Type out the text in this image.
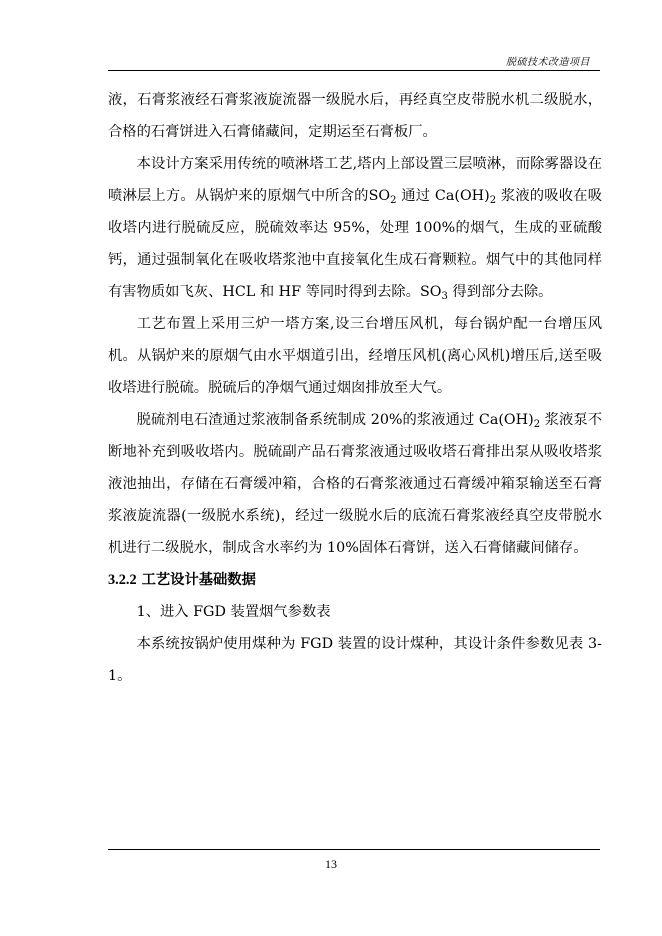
脱硫技术改造项目

液，石膏浆液经石膏浆液旋流器一级脱水后，再经真空皮带脱水机二级脱水，合格的石膏饼进入石膏储藏间，定期运至石膏板厂。

本设计方案采用传统的喷淋塔工艺,塔内上部设置三层喷淋，而除雾器设在喷淋层上方。从锅炉来的原烟气中所含的$SO_2$ 通过 $Ca(OH)_2$ 浆液的吸收在吸收塔内进行脱硫反应，脱硫效率达 95%，处理 100%的烟气，生成的亚硫酸钙，通过强制氧化在吸收塔浆池中直接氧化生成石膏颗粒。烟气中的其他同样有害物质如飞灰、HCL 和 HF 等同时得到去除。$SO_3$ 得到部分去除。

工艺布置上采用三炉一塔方案,设三台增压风机，每台锅炉配一台增压风机。从锅炉来的原烟气由水平烟道引出，经增压风机(离心风机)增压后,送至吸收塔进行脱硫。脱硫后的净烟气通过烟囱排放至大气。

脱硫剂电石渣通过浆液制备系统制成 20%的浆液通过 $Ca(OH)_2$ 浆液泵不断地补充到吸收塔内。脱硫副产品石膏浆液通过吸收塔石膏排出泵从吸收塔浆液池抽出，存储在石膏缓冲箱，合格的石膏浆液通过石膏缓冲箱泵输送至石膏浆液旋流器(一级脱水系统)，经过一级脱水后的底流石膏浆液经真空皮带脱水机进行二级脱水，制成含水率约为 10%固体石膏饼，送入石膏储藏间储存。

3.2.2 工艺设计基础数据

1、进入 FGD 装置烟气参数表

本系统按锅炉使用煤种为 FGD 装置的设计煤种，其设计条件参数见表 3-1。

13
